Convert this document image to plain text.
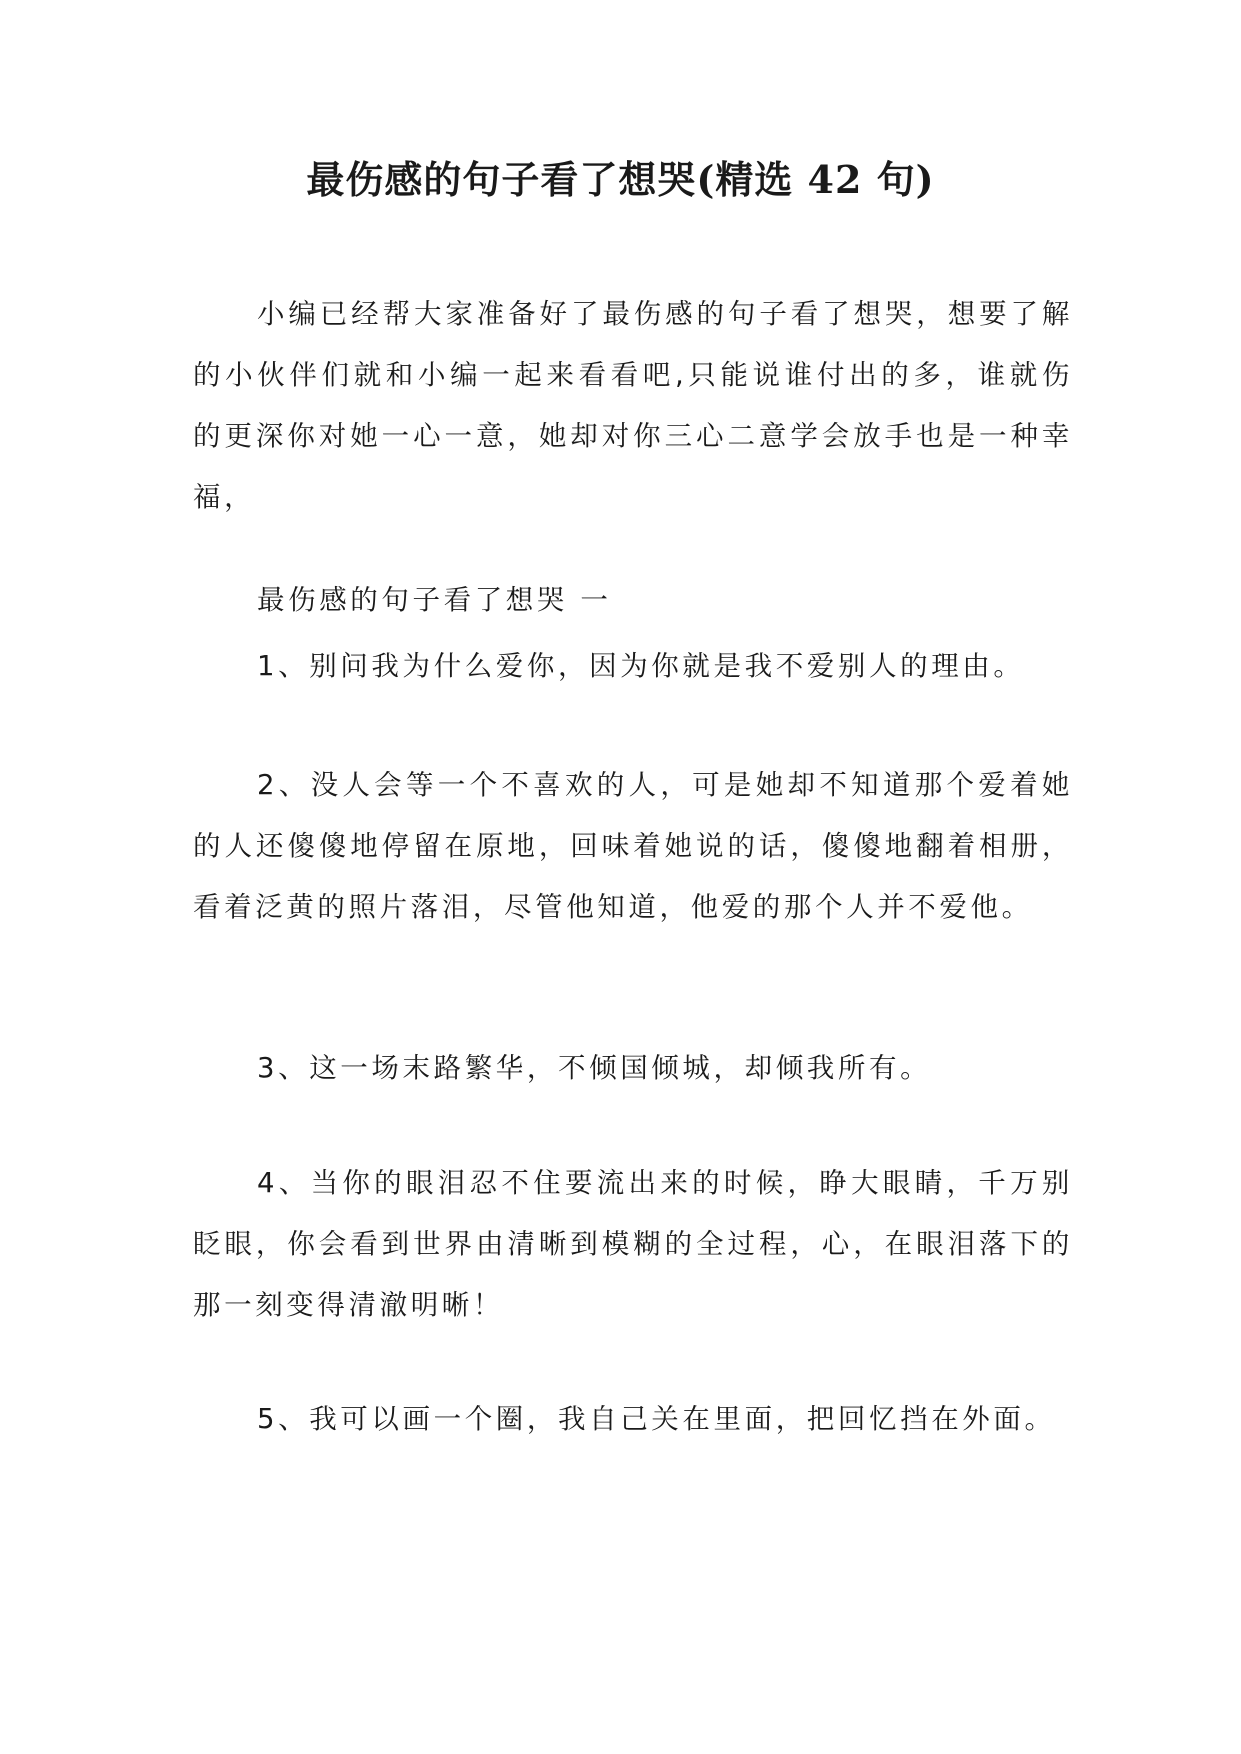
最伤感的句子看了想哭(精选 42 句)

小编已经帮大家准备好了最伤感的句子看了想哭，想要了解的小伙伴们就和小编一起来看看吧,只能说谁付出的多，谁就伤的更深你对她一心一意，她却对你三心二意学会放手也是一种幸福，

最伤感的句子看了想哭 一

1、别问我为什么爱你，因为你就是我不爱别人的理由。

2、没人会等一个不喜欢的人，可是她却不知道那个爱着她的人还傻傻地停留在原地，回味着她说的话，傻傻地翻着相册，看着泛黄的照片落泪，尽管他知道，他爱的那个人并不爱他。

3、这一场末路繁华，不倾国倾城，却倾我所有。

4、当你的眼泪忍不住要流出来的时候，睁大眼睛，千万别眨眼，你会看到世界由清晰到模糊的全过程，心，在眼泪落下的那一刻变得清澈明晰！

5、我可以画一个圈，我自己关在里面，把回忆挡在外面。
